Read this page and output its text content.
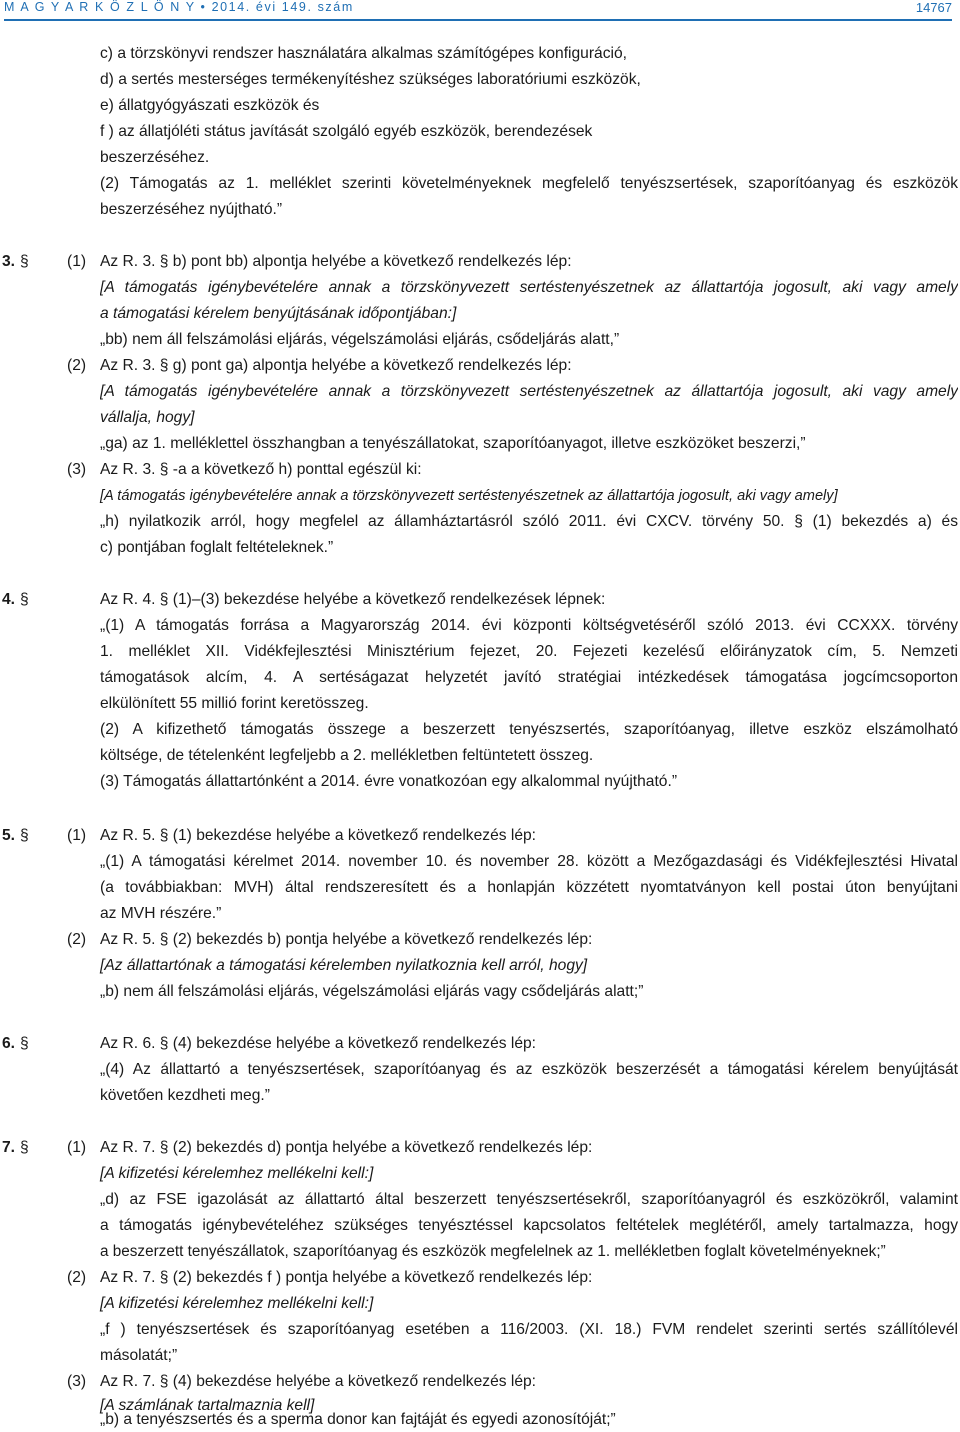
M A G Y A R K Ö Z L Ö N Y • 2014. évi 149. szám	14767
c) a törzskönyvi rendszer használatára alkalmas számítógépes konfiguráció,
d) a sertés mesterséges termékenyítéshez szükséges laboratóriumi eszközök,
e) állatgyógyászati eszközök és
f ) az állatjóléti státus javítását szolgáló egyéb eszközök, berendezések
beszerzéséhez.
(2) Támogatás az 1. melléklet szerinti követelményeknek megfelelő tenyészsertések, szaporítóanyag és eszközök
beszerzéséhez nyújtható.”
3. § (1) Az R. 3. § b) pont bb) alpontja helyébe a következő rendelkezés lép:
[A támogatás igénybevételére annak a törzskönyvezett sertéstenyészetnek az állattartója jogosult, aki vagy amely
a támogatási kérelem benyújtásának időpontjában:]
„bb) nem áll felszámolási eljárás, végelszámolási eljárás, csődeljárás alatt,”
(2) Az R. 3. § g) pont ga) alpontja helyébe a következő rendelkezés lép:
[A támogatás igénybevételére annak a törzskönyvezett sertéstenyészetnek az állattartója jogosult, aki vagy amely
vállalja, hogy]
„ga) az 1. melléklettel összhangban a tenyészállatokat, szaporítóanyagot, illetve eszközöket beszerzi,”
(3) Az R. 3. § -a a következő h) ponttal egészül ki:
[A támogatás igénybevételére annak a törzskönyvezett sertéstenyészetnek az állattartója jogosult, aki vagy amely]
„h) nyilatkozik arról, hogy megfelel az államháztartásról szóló 2011. évi CXCV. törvény 50. § (1) bekezdés a) és
c) pontjában foglalt feltételeknek.”
4. §	Az R. 4. § (1)–(3) bekezdése helyébe a következő rendelkezések lépnek:
„(1) A támogatás forrása a Magyarország 2014. évi központi költségvetéséről szóló 2013. évi CCXXX. törvény
1. melléklet XII. Vidékfejlesztési Minisztérium fejezet, 20. Fejezeti kezelésű előirányzatok cím, 5. Nemzeti
támogatások alcím, 4. A sertéságazat helyzetét javító stratégiai intézkedések támogatása jogcímcsoporton
elkülönített 55 millió forint keretösszeg.
(2) A kifizethető támogatás összege a beszerzett tenyészsertés, szaporítóanyag, illetve eszköz elszámolható
költsége, de tételenként legfeljebb a 2. mellékletben feltüntetett összeg.
(3) Támogatás állattartónként a 2014. évre vonatkozóan egy alkalommal nyújtható.”
5. § (1) Az R. 5. § (1) bekezdése helyébe a következő rendelkezés lép:
„(1) A támogatási kérelmet 2014. november 10. és november 28. között a Mezőgazdasági és Vidékfejlesztési Hivatal
(a továbbiakban: MVH) által rendszeresített és a honlapján közzétett nyomtatványon kell postai úton benyújtani
az MVH részére.”
(2) Az R. 5. § (2) bekezdés b) pontja helyébe a következő rendelkezés lép:
[Az állattartónak a támogatási kérelemben nyilatkoznia kell arról, hogy]
„b) nem áll felszámolási eljárás, végelszámolási eljárás vagy csődeljárás alatt;”
6. §	Az R. 6. § (4) bekezdése helyébe a következő rendelkezés lép:
„(4) Az állattartó a tenyészsertések, szaporítóanyag és az eszközök beszerzését a támogatási kérelem benyújtását
követően kezdheti meg.”
7. § (1) Az R. 7. § (2) bekezdés d) pontja helyébe a következő rendelkezés lép:
[A kifizetési kérelemhez mellékelni kell:]
„d) az FSE igazolását az állattartó által beszerzett tenyészsertésekről, szaporítóanyagról és eszközökről, valamint
a támogatás igénybevételéhez szükséges tenyésztéssel kapcsolatos feltételek meglétéről, amely tartalmazza, hogy
a beszerzett tenyészállatok, szaporítóanyag és eszközök megfelelnek az 1. mellékletben foglalt követelményeknek;”
(2) Az R. 7. § (2) bekezdés f ) pontja helyébe a következő rendelkezés lép:
[A kifizetési kérelemhez mellékelni kell:]
„f ) tenyészsertések és szaporítóanyag esetében a 116/2003. (XI. 18.) FVM rendelet szerinti sertés szállítólevél
másolatát;”
(3) Az R. 7. § (4) bekezdése helyébe a következő rendelkezés lép:
[A számlának tartalmaznia kell]
„b) a tenyészsertés és a sperma donor kan fajtáját és egyedi azonosítóját;”
